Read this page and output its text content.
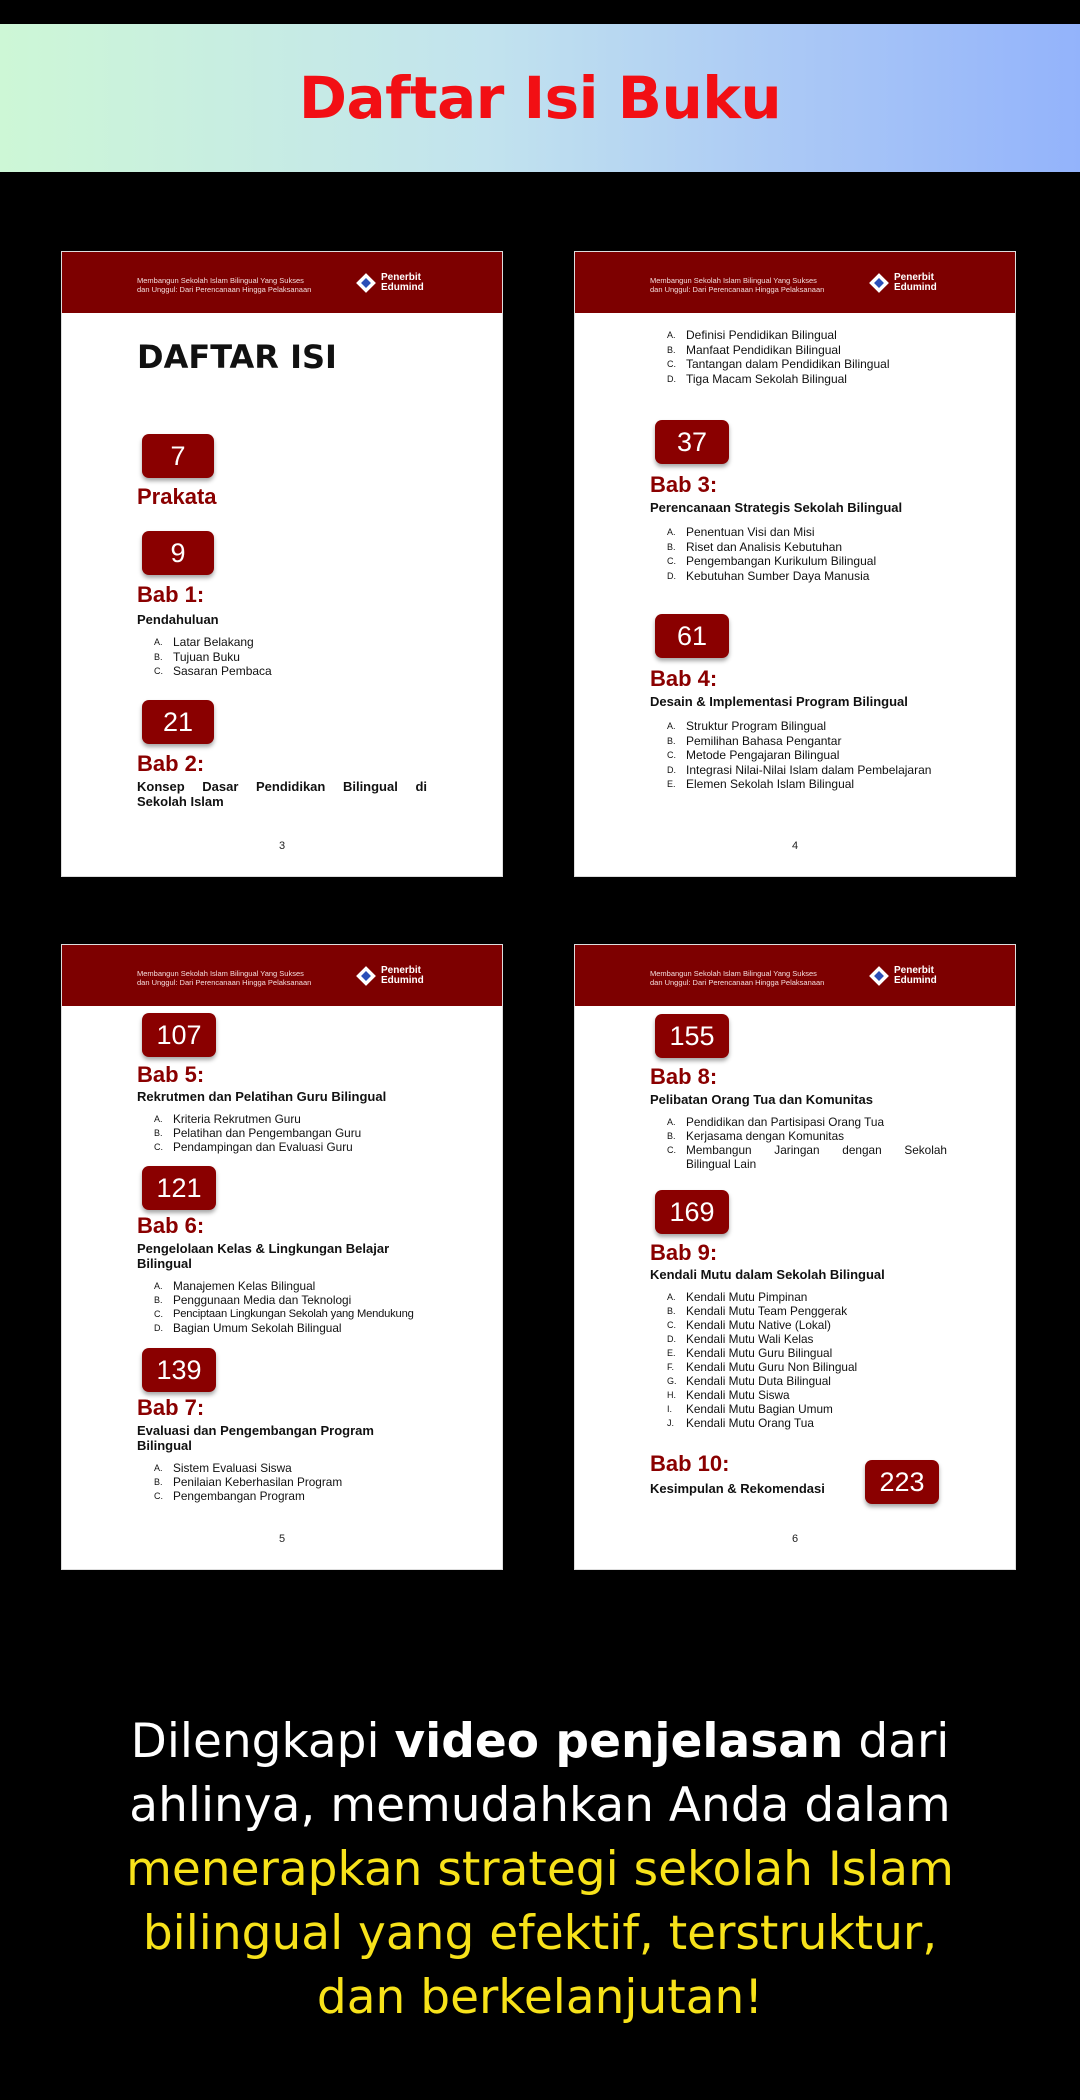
Daftar Isi Buku
Membangun Sekolah Islam Bilingual Yang Sukses
dan Unggul: Dari Perencanaan Hingga Pelaksanaan
Penerbit
Edumind
DAFTAR ISI
7
Prakata
9
Bab 1:
Pendahuluan
A. Latar Belakang
B. Tujuan Buku
C. Sasaran Pembaca
21
Bab 2:
Konsep Dasar Pendidikan Bilingual di
Sekolah Islam
3
Membangun Sekolah Islam Bilingual Yang Sukses
dan Unggul: Dari Perencanaan Hingga Pelaksanaan
Penerbit
Edumind
A. Definisi Pendidikan Bilingual
B. Manfaat Pendidikan Bilingual
C. Tantangan dalam Pendidikan Bilingual
D. Tiga Macam Sekolah Bilingual
37
Bab 3:
Perencanaan Strategis Sekolah Bilingual
A. Penentuan Visi dan Misi
B. Riset dan Analisis Kebutuhan
C. Pengembangan Kurikulum Bilingual
D. Kebutuhan Sumber Daya Manusia
61
Bab 4:
Desain & Implementasi Program Bilingual
A. Struktur Program Bilingual
B. Pemilihan Bahasa Pengantar
C. Metode Pengajaran Bilingual
D. Integrasi Nilai-Nilai Islam dalam Pembelajaran
E. Elemen Sekolah Islam Bilingual
4
Membangun Sekolah Islam Bilingual Yang Sukses
dan Unggul: Dari Perencanaan Hingga Pelaksanaan
Penerbit
Edumind
107
Bab 5:
Rekrutmen dan Pelatihan Guru Bilingual
A. Kriteria Rekrutmen Guru
B. Pelatihan dan Pengembangan Guru
C. Pendampingan dan Evaluasi Guru
121
Bab 6:
Pengelolaan Kelas & Lingkungan Belajar
Bilingual
A. Manajemen Kelas Bilingual
B. Penggunaan Media dan Teknologi
C. Penciptaan Lingkungan Sekolah yang Mendukung
D. Bagian Umum Sekolah Bilingual
139
Bab 7:
Evaluasi dan Pengembangan Program
Bilingual
A. Sistem Evaluasi Siswa
B. Penilaian Keberhasilan Program
C. Pengembangan Program
5
Membangun Sekolah Islam Bilingual Yang Sukses
dan Unggul: Dari Perencanaan Hingga Pelaksanaan
Penerbit
Edumind
155
Bab 8:
Pelibatan Orang Tua dan Komunitas
A. Pendidikan dan Partisipasi Orang Tua
B. Kerjasama dengan Komunitas
C. Membangun Jaringan dengan Sekolah
Bilingual Lain
169
Bab 9:
Kendali Mutu dalam Sekolah Bilingual
A. Kendali Mutu Pimpinan
B. Kendali Mutu Team Penggerak
C. Kendali Mutu Native (Lokal)
D. Kendali Mutu Wali Kelas
E. Kendali Mutu Guru Bilingual
F.	Kendali Mutu Guru Non Bilingual
G. Kendali Mutu Duta Bilingual
H. Kendali Mutu Siswa
I.	Kendali Mutu Bagian Umum
J.	Kendali Mutu Orang Tua
Bab 10:
Kesimpulan & Rekomendasi	223
6
Dilengkapi video penjelasan dari
ahlinya, memudahkan Anda dalam
menerapkan strategi sekolah Islam
bilingual yang efektif, terstruktur,
dan berkelanjutan!
